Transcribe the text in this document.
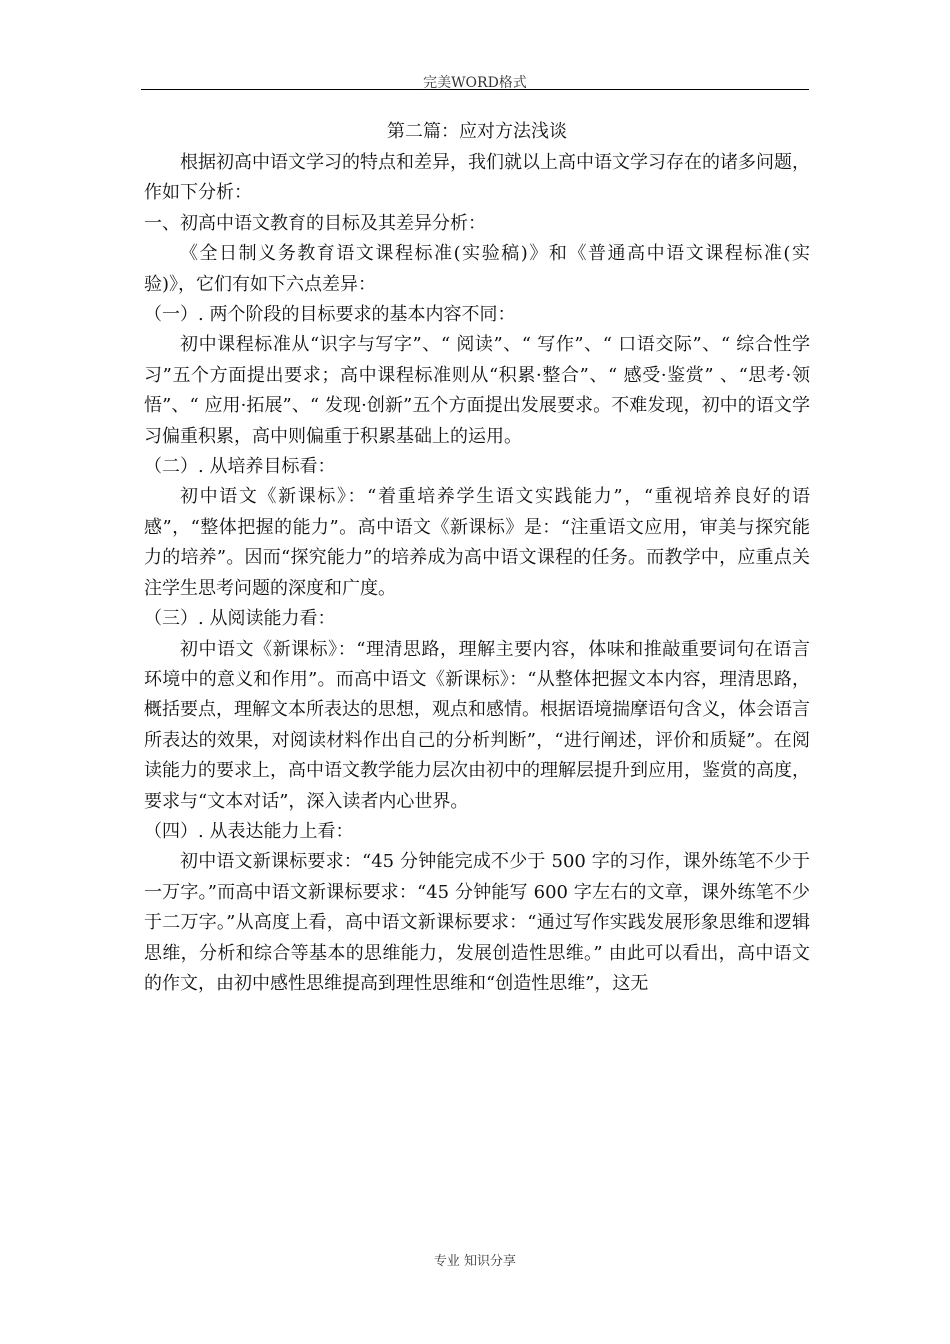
完美WORD格式

第二篇：应对方法浅谈

根据初高中语文学习的特点和差异，我们就以上高中语文学习存在的诸多问题，作如下分析：

一、初高中语文教育的目标及其差异分析：

《全日制义务教育语文课程标准(实验稿)》和《普通高中语文课程标准(实验)》，它们有如下六点差异：

（一）. 两个阶段的目标要求的基本内容不同：

初中课程标准从“识字与写字”、“ 阅读”、“ 写作”、“ 口语交际”、“ 综合性学习”五个方面提出要求；高中课程标准则从“积累·整合”、“ 感受·鉴赏” 、“思考·领悟”、“ 应用·拓展”、“ 发现·创新”五个方面提出发展要求。不难发现，初中的语文学习偏重积累，高中则偏重于积累基础上的运用。

（二）. 从培养目标看：

初中语文《新课标》：“着重培养学生语文实践能力”，“重视培养良好的语感”，“整体把握的能力”。高中语文《新课标》是：“注重语文应用，审美与探究能力的培养”。因而“探究能力”的培养成为高中语文课程的任务。而教学中，应重点关注学生思考问题的深度和广度。

（三）. 从阅读能力看：

初中语文《新课标》：“理清思路，理解主要内容，体味和推敲重要词句在语言环境中的意义和作用”。而高中语文《新课标》：“从整体把握文本内容，理清思路，概括要点，理解文本所表达的思想，观点和感情。根据语境揣摩语句含义，体会语言所表达的效果，对阅读材料作出自己的分析判断”，“进行阐述，评价和质疑”。在阅读能力的要求上，高中语文教学能力层次由初中的理解层提升到应用，鉴赏的高度，要求与“文本对话”，深入读者内心世界。

（四）. 从表达能力上看：

初中语文新课标要求：“45 分钟能完成不少于 500 字的习作，课外练笔不少于一万字。”而高中语文新课标要求：“45 分钟能写 600 字左右的文章，课外练笔不少于二万字。”从高度上看，高中语文新课标要求：“通过写作实践发展形象思维和逻辑思维，分析和综合等基本的思维能力，发展创造性思维。” 由此可以看出，高中语文的作文，由初中感性思维提高到理性思维和“创造性思维”，这无

专业 知识分享
